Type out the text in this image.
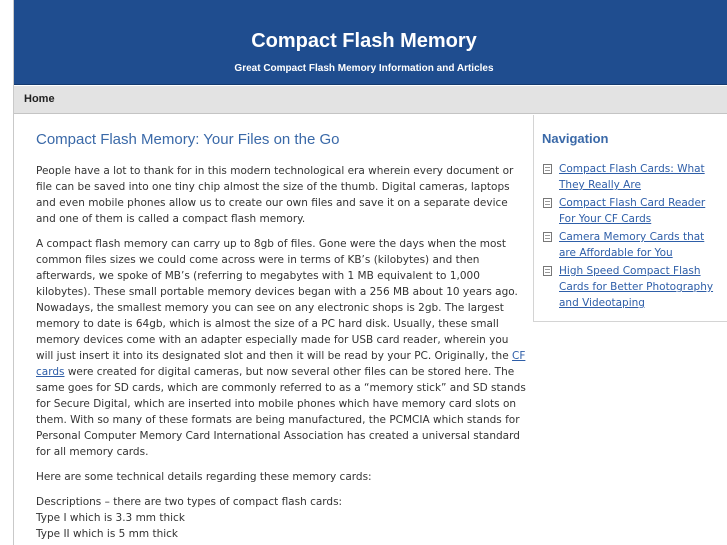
Compact Flash Memory
Great Compact Flash Memory Information and Articles
Home
Compact Flash Memory: Your Files on the Go

People have a lot to thank for in this modern technological era wherein every document or file can be saved into one tiny chip almost the size of the thumb. Digital cameras, laptops and even mobile phones allow us to create our own files and save it on a separate device and one of them is called a compact flash memory.

A compact flash memory can carry up to 8gb of files. Gone were the days when the most common files sizes we could come across were in terms of KB’s (kilobytes) and then afterwards, we spoke of MB’s (referring to megabytes with 1 MB equivalent to 1,000 kilobytes). These small portable memory devices began with a 256 MB about 10 years ago. Nowadays, the smallest memory you can see on any electronic shops is 2gb. The largest memory to date is 64gb, which is almost the size of a PC hard disk. Usually, these small memory devices come with an adapter especially made for USB card reader, wherein you will just insert it into its designated slot and then it will be read by your PC. Originally, the CF cards were created for digital cameras, but now several other files can be stored here. The same goes for SD cards, which are commonly referred to as a “memory stick” and SD stands for Secure Digital, which are inserted into mobile phones which have memory card slots on them. With so many of these formats are being manufactured, the PCMCIA which stands for Personal Computer Memory Card International Association has created a universal standard for all memory cards.

Here are some technical details regarding these memory cards:

Descriptions – there are two types of compact flash cards:
Type I which is 3.3 mm thick
Type II which is 5 mm thick

Navigation
Compact Flash Cards: What They Really Are
Compact Flash Card Reader For Your CF Cards
Camera Memory Cards that are Affordable for You
High Speed Compact Flash Cards for Better Photography and Videotaping
